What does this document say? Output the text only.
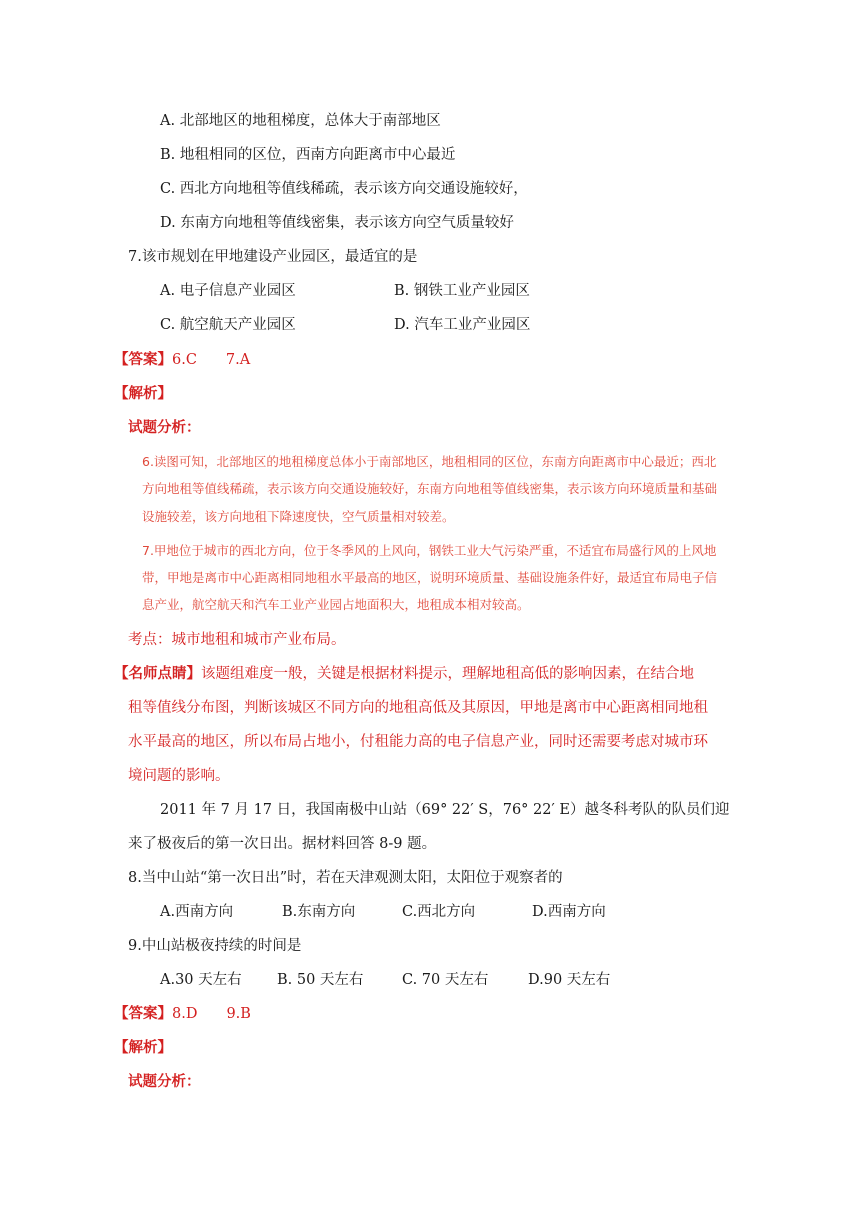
A. 北部地区的地租梯度，总体大于南部地区
B. 地租相同的区位，西南方向距离市中心最近
C. 西北方向地租等值线稀疏，表示该方向交通设施较好，
D. 东南方向地租等值线密集，表示该方向空气质量较好
7.该市规划在甲地建设产业园区，最适宜的是
A. 电子信息产业园区	B. 钢铁工业产业园区
C. 航空航天产业园区	D. 汽车工业产业园区
【答案】6.C　　7.A
【解析】
试题分析：
6.读图可知，北部地区的地租梯度总体小于南部地区，地租相同的区位，东南方向距离市中心最近；西北
方向地租等值线稀疏，表示该方向交通设施较好，东南方向地租等值线密集，表示该方向环境质量和基础
设施较差，该方向地租下降速度快，空气质量相对较差。
7.甲地位于城市的西北方向，位于冬季风的上风向，钢铁工业大气污染严重，不适宜布局盛行风的上风地
带，甲地是离市中心距离相同地租水平最高的地区，说明环境质量、基础设施条件好，最适宜布局电子信
息产业，航空航天和汽车工业产业园占地面积大，地租成本相对较高。
考点：城市地租和城市产业布局。
【名师点睛】该题组难度一般，关键是根据材料提示，理解地租高低的影响因素，在结合地
租等值线分布图，判断该城区不同方向的地租高低及其原因，甲地是离市中心距离相同地租
水平最高的地区，所以布局占地小，付租能力高的电子信息产业，同时还需要考虑对城市环
境问题的影响。
2011 年 7 月 17 日，我国南极中山站（69° 22′ S，76° 22′ E）越冬科考队的队员们迎
来了极夜后的第一次日出。据材料回答 8-9 题。
8.当中山站“第一次日出”时，若在天津观测太阳，太阳位于观察者的
A.西南方向	B.东南方向	C.西北方向	D.西南方向
9.中山站极夜持续的时间是
A.30 天左右 B. 50 天左右	C. 70 天左右	D.90 天左右
【答案】8.D　　9.B
【解析】
试题分析：
